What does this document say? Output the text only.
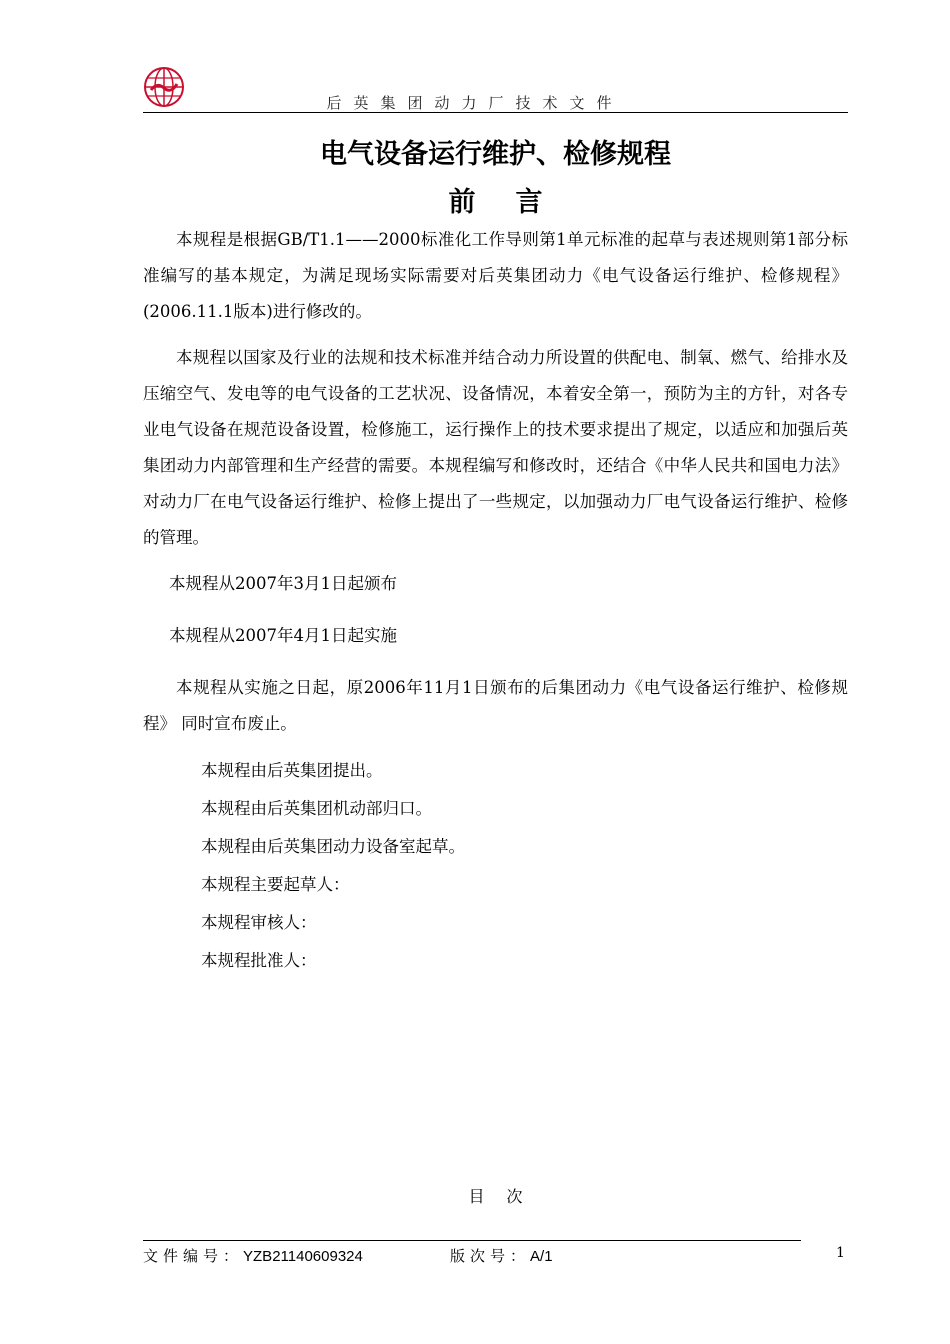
后英集团动力厂技术文件
电气设备运行维护、检修规程
前言

本规程是根据GB/T1.1——2000标准化工作导则第1单元标准的起草与表述规则第1部分标准编写的基本规定，为满足现场实际需要对后英集团动力《电气设备运行维护、检修规程》(2006.11.1版本)进行修改的。

本规程以国家及行业的法规和技术标准并结合动力所设置的供配电、制氧、燃气、给排水及压缩空气、发电等的电气设备的工艺状况、设备情况，本着安全第一，预防为主的方针，对各专业电气设备在规范设备设置，检修施工，运行操作上的技术要求提出了规定，以适应和加强后英集团动力内部管理和生产经营的需要。本规程编写和修改时，还结合《中华人民共和国电力法》对动力厂在电气设备运行维护、检修上提出了一些规定，以加强动力厂电气设备运行维护、检修的管理。

本规程从2007年3月1日起颁布

本规程从2007年4月1日起实施

本规程从实施之日起，原2006年11月1日颁布的后集团动力《电气设备运行维护、检修规程》 同时宣布废止。

本规程由后英集团提出。

本规程由后英集团机动部归口。

本规程由后英集团动力设备室起草。

本规程主要起草人：

本规程审核人：

本规程批准人：

目次
文件编号：YZB21140609324	版次号：A/1	1
